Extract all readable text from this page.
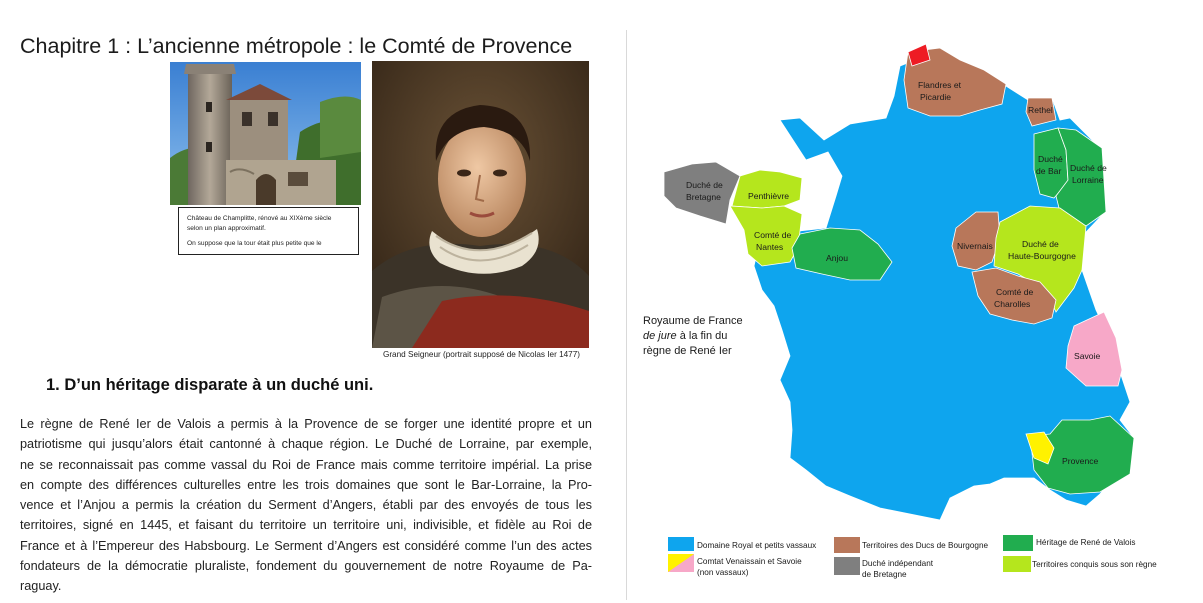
Chapitre 1 : L’ancienne métropole : le Comté de Provence

Château de Champlitte, rénové au XIXème siècle

selon un plan approximatif.

On suppose que la tour était plus petite que le

Grand Seigneur (portrait supposé de Nicolas Ier 1477)
1. D’un héritage disparate à un duché uni.

Le règne de René Ier de Valois a permis à la Provence de se forger une identité propre et un
patriotisme qui jusqu’alors était cantonné à chaque région. Le Duché de Lorraine, par exemple,
ne se reconnaissait pas comme vassal du Roi de France mais comme territoire impérial. La prise
en compte des différences culturelles entre les trois domaines que sont le Bar-Lorraine, la Pro-
vence et l’Anjou a permis la création du Serment d’Angers, établi par des envoyés de tous les
territoires, signé en 1445, et faisant du territoire un territoire uni, indivisible, et fidèle au Roi de
France et à l’Empereur des Habsbourg. Le Serment d’Angers est considéré comme l’un des actes
fondateurs de la démocratie pluraliste, fondement du gouvernement de notre Royaume de Pa-
raguay.

Flandres et
Picardie
Rethel
Duché
de Bar Duché de
Lorraine
Duché de
Bretagne	Penthièvre
Comté de
Nantes
Anjou
Nivernais	Duché de
Haute-Bourgogne
Comté de
Charolles
Savoie
Provence
Royaume de France
de jure à la fin du
règne de René Ier
Domaine Royal et petits vassaux
Comtat Venaissain et Savoie
(non vassaux)
Territoires des Ducs de Bourgogne
Duché indépendant
de Bretagne
Héritage de René de Valois
Territoires conquis sous son règne
